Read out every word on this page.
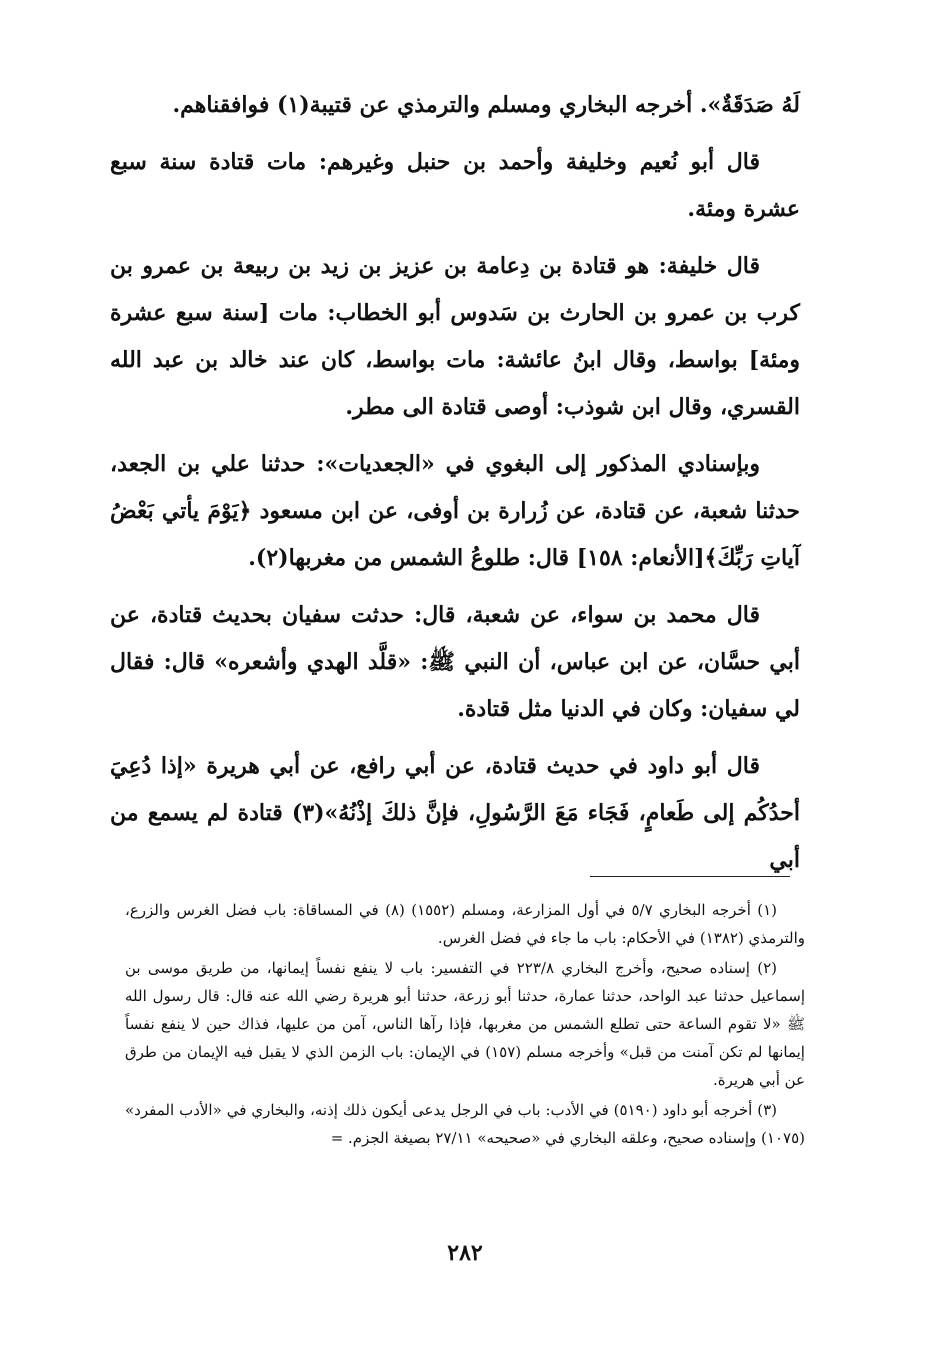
لَهُ صَدَقَةٌ». أخرجه البخاري ومسلم والترمذي عن قتيبة(١) فوافقناهم.

قال أبو نُعيم وخليفة وأحمد بن حنبل وغيرهم: مات قتادة سنة سبع عشرة ومئة.

قال خليفة: هو قتادة بن دِعامة بن عزيز بن زيد بن ربيعة بن عمرو بن كرب بن عمرو بن الحارث بن سَدوس أبو الخطاب: مات [سنة سبع عشرة ومئة] بواسط، وقال ابنُ عائشة: مات بواسط، كان عند خالد بن عبد الله القسري، وقال ابن شوذب: أوصى قتادة الى مطر.

وبإسنادي المذكور إلى البغوي في «الجعديات»: حدثنا علي بن الجعد، حدثنا شعبة، عن قتادة، عن زُرارة بن أوفى، عن ابن مسعود ﴿يَوْمَ يأتي بَعْضُ آياتِ رَبِّكَ﴾[الأنعام: ١٥٨] قال: طلوعُ الشمس من مغربها(٢).

قال محمد بن سواء، عن شعبة، قال: حدثت سفيان بحديث قتادة، عن أبي حسَّان، عن ابن عباس، أن النبي ﷺ: «قلَّد الهدي وأشعره» قال: فقال لي سفيان: وكان في الدنيا مثل قتادة.

قال أبو داود في حديث قتادة، عن أبي رافع، عن أبي هريرة «إذا دُعِيَ أحدُكُم إلى طَعامٍ، فَجَاء مَعَ الرَّسُولِ، فإنَّ ذلكَ إذْنُهُ»(٣) قتادة لم يسمع من أبي

(١) أخرجه البخاري ٥/٧ في أول المزارعة، ومسلم (١٥٥٢) (٨) في المساقاة: باب فضل الغرس والزرع، والترمذي (١٣٨٢) في الأحكام: باب ما جاء في فضل الغرس.

(٢) إسناده صحيح، وأخرج البخاري ٢٢٣/٨ في التفسير: باب لا ينفع نفساً إيمانها، من طريق موسى بن إسماعيل حدثنا عبد الواحد، حدثنا عمارة، حدثنا أبو زرعة، حدثنا أبو هريرة رضي الله عنه قال: قال رسول الله ﷺ «لا تقوم الساعة حتى تطلع الشمس من مغربها، فإذا رآها الناس، آمن من عليها، فذاك حين لا ينفع نفساً إيمانها لم تكن آمنت من قبل» وأخرجه مسلم (١٥٧) في الإيمان: باب الزمن الذي لا يقبل فيه الإيمان من طرق عن أبي هريرة.

(٣) أخرجه أبو داود (٥١٩٠) في الأدب: باب في الرجل يدعى أيكون ذلك إذنه، والبخاري في «الأدب المفرد» (١٠٧٥) وإسناده صحيح، وعلقه البخاري في «صحيحه» ٢٧/١١ بصيغة الجزم. =

٢٨٢
